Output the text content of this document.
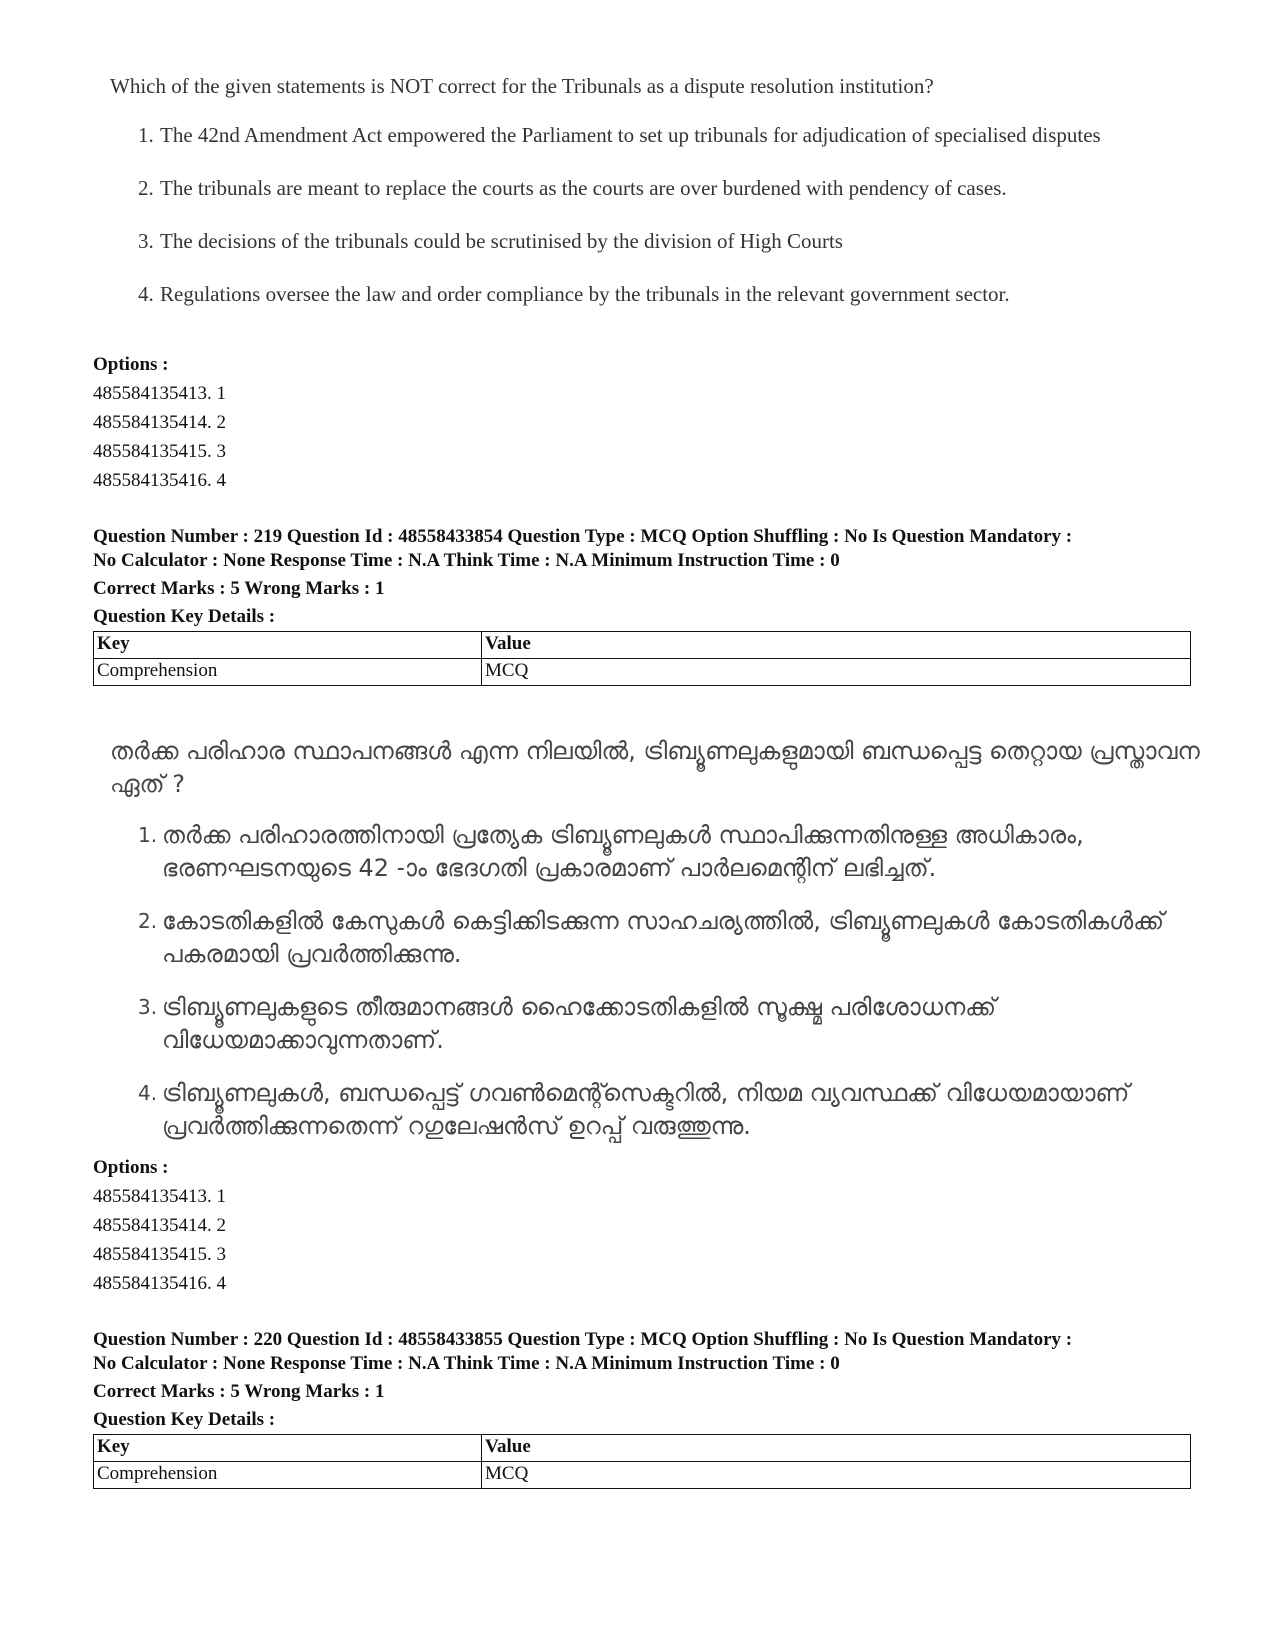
Which of the given statements is NOT correct for the Tribunals as a dispute resolution institution?

1. The 42nd Amendment Act empowered the Parliament to set up tribunals for adjudication of specialised disputes
2. The tribunals are meant to replace the courts as the courts are over burdened with pendency of cases.
3. The decisions of the tribunals could be scrutinised by the division of High Courts
4. Regulations oversee the law and order compliance by the tribunals in the relevant government sector.
Options :
485584135413. 1
485584135414. 2
485584135415. 3
485584135416. 4
Question Number : 219 Question Id : 48558433854 Question Type : MCQ Option Shuffling : No Is Question Mandatory :
No Calculator : None Response Time : N.A Think Time : N.A Minimum Instruction Time : 0
Correct Marks : 5 Wrong Marks : 1
Question Key Details :
Key	Value
Comprehension	MCQ

തർക്ക പരിഹാര സ്ഥാപനങ്ങൾ എന്ന നിലയിൽ, ട്രിബ്യൂണലുകളുമായി ബന്ധപ്പെട്ട തെറ്റായ പ്രസ്താവന ഏത് ?

1. തർക്ക പരിഹാരത്തിനായി പ്രത്യേക ട്രിബ്യൂണലുകൾ സ്ഥാപിക്കുന്നതിനുള്ള അധികാരം, ഭരണഘടനയുടെ 42 -ാം ഭേദഗതി പ്രകാരമാണ് പാർലമെന്റിന് ലഭിച്ചത്.
2. കോടതികളിൽ കേസുകൾ കെട്ടിക്കിടക്കുന്ന സാഹചര്യത്തിൽ, ട്രിബ്യൂണലുകൾ കോടതികൾക്ക് പകരമായി പ്രവർത്തിക്കുന്നു.
3. ട്രിബ്യൂണലുകളുടെ തീരുമാനങ്ങൾ ഹൈക്കോടതികളിൽ സൂക്ഷ്മ പരിശോധനക്ക് വിധേയമാക്കാവുന്നതാണ്.
4. ട്രിബ്യൂണലുകൾ, ബന്ധപ്പെട്ട് ഗവൺമെന്റ്സെക്ടറിൽ, നിയമ വ്യവസ്ഥക്ക് വിധേയമായാണ് പ്രവർത്തിക്കുന്നതെന്ന് റഗുലേഷൻസ് ഉറപ്പ് വരുത്തുന്നു.
Options :
485584135413. 1
485584135414. 2
485584135415. 3
485584135416. 4
Question Number : 220 Question Id : 48558433855 Question Type : MCQ Option Shuffling : No Is Question Mandatory :
No Calculator : None Response Time : N.A Think Time : N.A Minimum Instruction Time : 0
Correct Marks : 5 Wrong Marks : 1
Question Key Details :
Key	Value
Comprehension	MCQ
